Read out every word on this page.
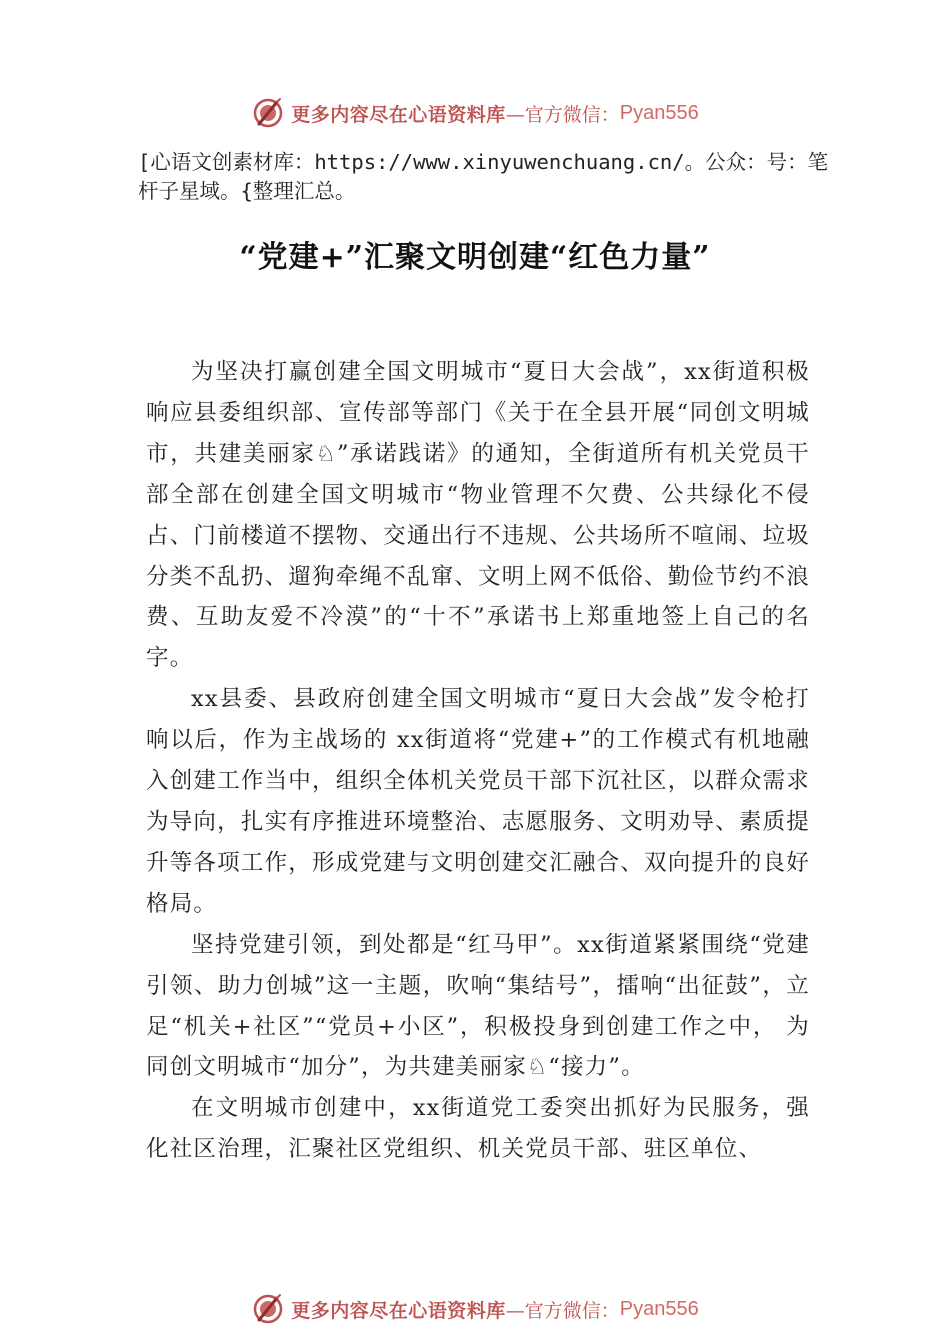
更多内容尽在心语资料库 —官方微信： Pyan556

[心语文创素材库：https://www.xinyuwenchuang.cn/。公众：号：笔杆子星域。{整理汇总。

“党建+”汇聚文明创建“红色力量”

为坚决打赢创建全国文明城市“夏日大会战”，xx街道积极响应县委组织部、宣传部等部门《关于在全县开展“同创文明城市，共建美丽家♘”承诺践诺》的通知，全街道所有机关党员干部全部在创建全国文明城市“物业管理不欠费、公共绿化不侵占、门前楼道不摆物、交通出行不违规、公共场所不喧闹、垃圾分类不乱扔、遛狗牵绳不乱窜、文明上网不低俗、勤俭节约不浪费、互助友爱不冷漠”的“十不”承诺书上郑重地签上自己的名字。

xx县委、县政府创建全国文明城市“夏日大会战”发令枪打响以后，作为主战场的 xx街道将“党建+”的工作模式有机地融入创建工作当中，组织全体机关党员干部下沉社区，以群众需求为导向，扎实有序推进环境整治、志愿服务、文明劝导、素质提升等各项工作，形成党建与文明创建交汇融合、双向提升的良好格局。

坚持党建引领，到处都是“红马甲”。xx街道紧紧围绕“党建引领、助力创城”这一主题，吹响“集结号”，擂响“出征鼓”，立足“机关+社区”“党员+小区”，积极投身到创建工作之中， 为同创文明城市“加分”，为共建美丽家♘“接力”。

在文明城市创建中，xx街道党工委突出抓好为民服务，强化社区治理，汇聚社区党组织、机关党员干部、驻区单位、

更多内容尽在心语资料库 —官方微信： Pyan556
